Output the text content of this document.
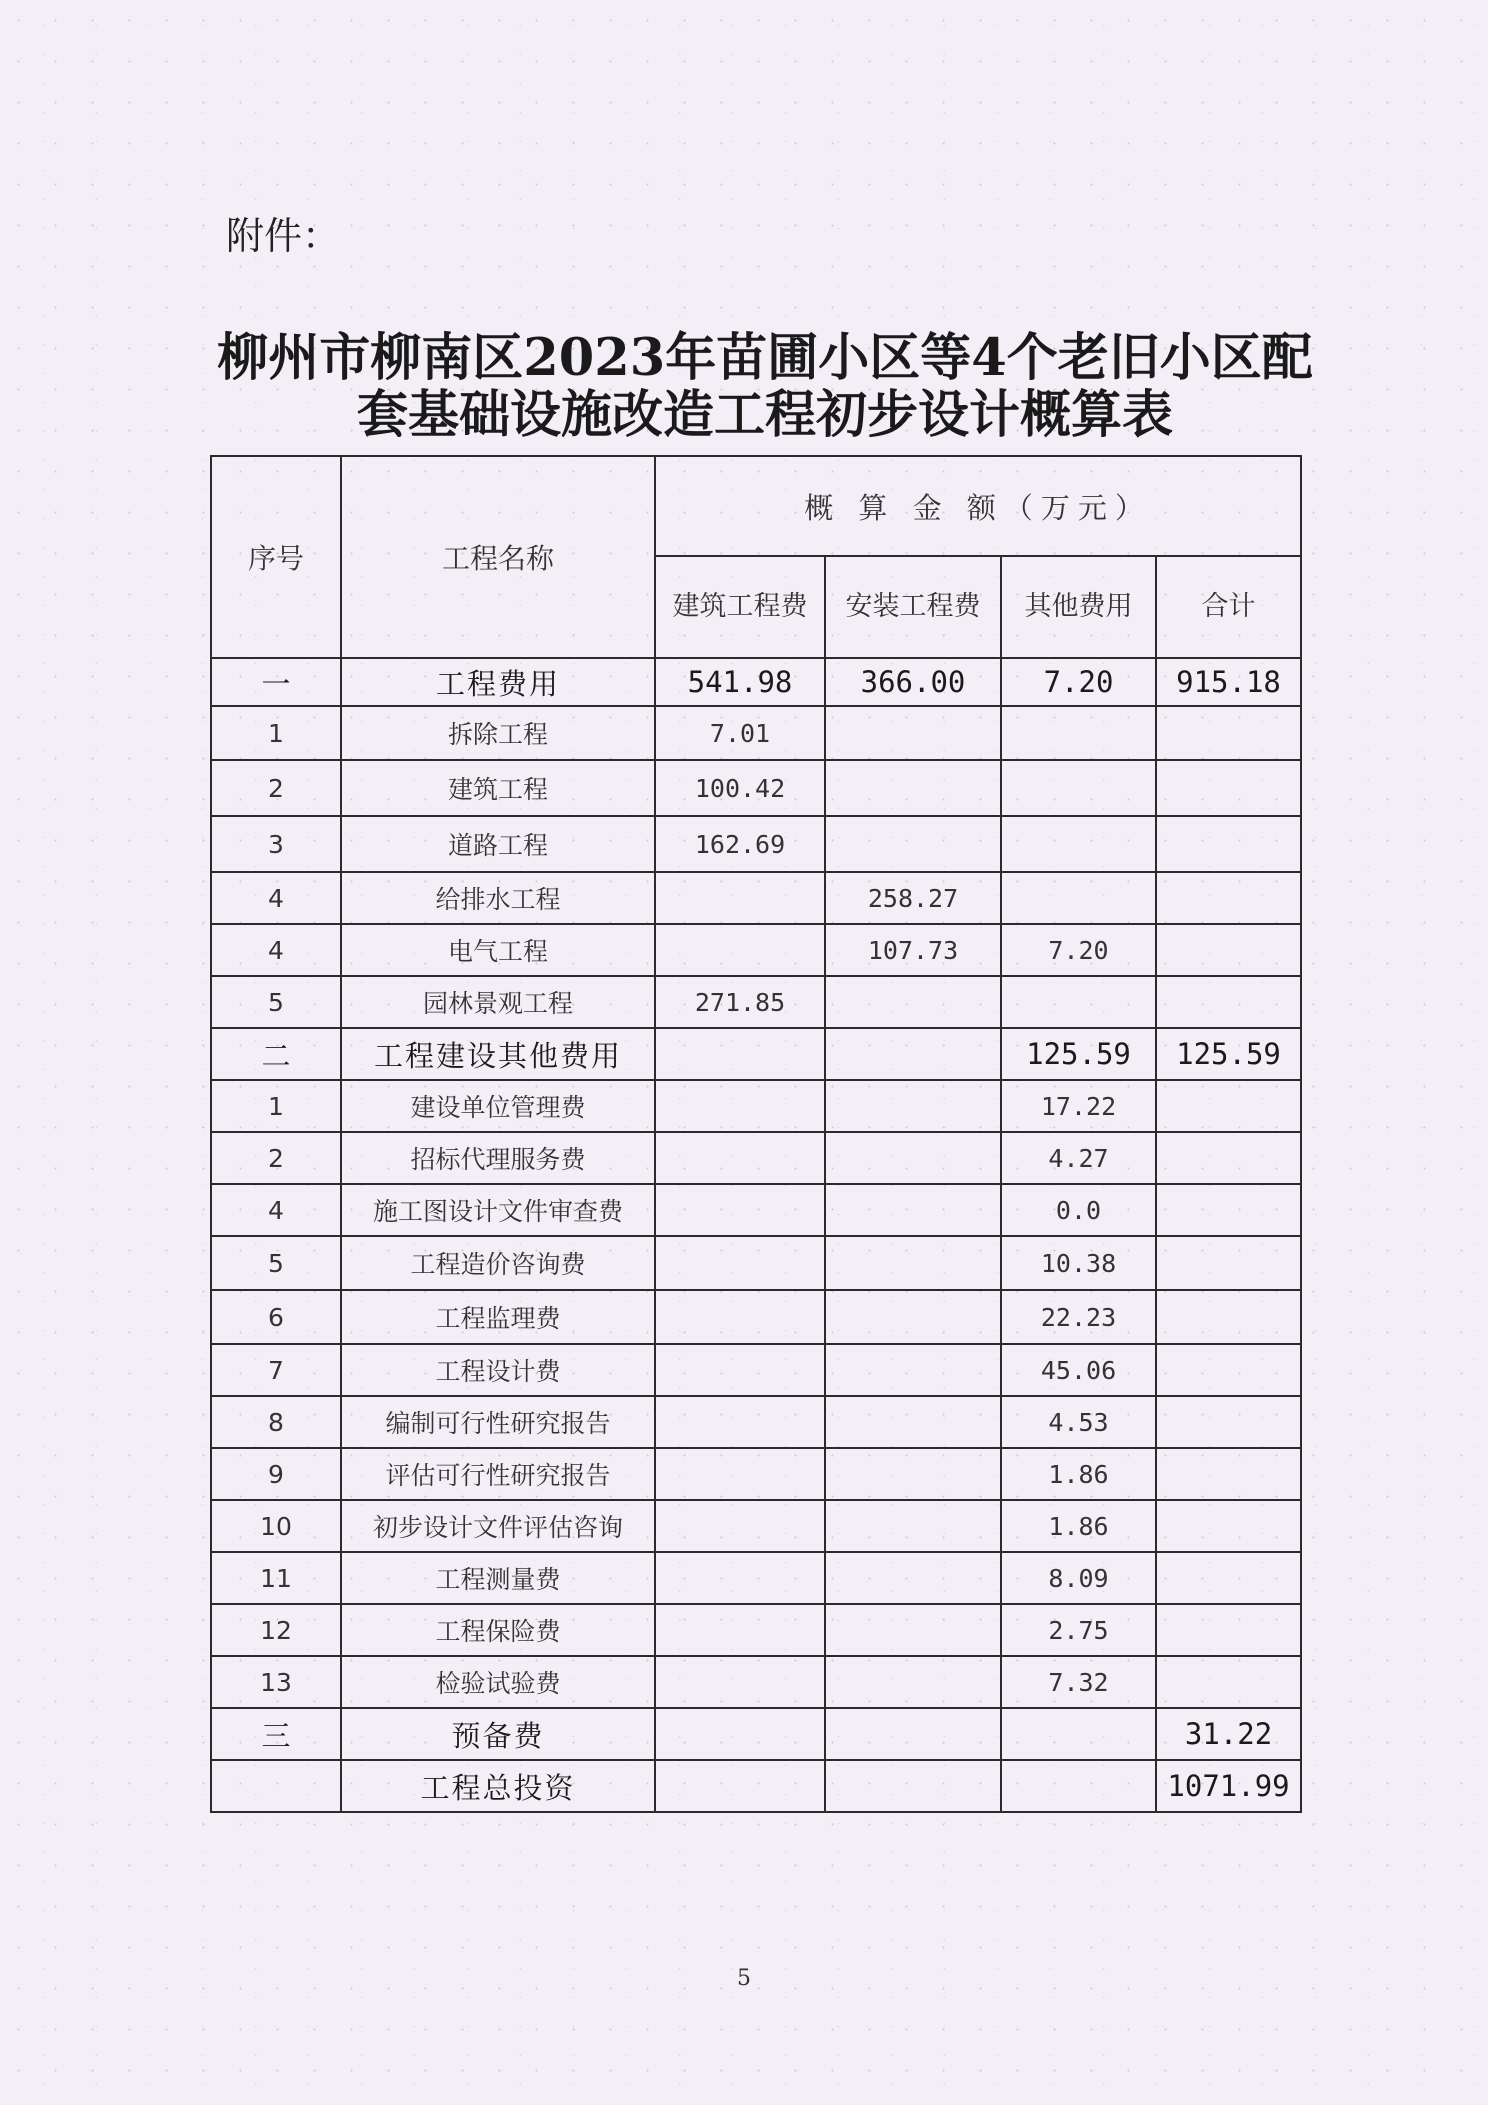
附件：
柳州市柳南区2023年苗圃小区等4个老旧小区配套基础设施改造工程初步设计概算表
序号	工程名称	概 算 金 额（万元）			
		建筑工程费	安装工程费	其他费用	合计
一	工程费用	541.98	366.00	7.20	915.18
1	拆除工程	7.01			
2	建筑工程	100.42			
3	道路工程	162.69			
4	给排水工程		258.27		
4	电气工程		107.73	7.20	
5	园林景观工程	271.85			
二	工程建设其他费用			125.59	125.59
1	建设单位管理费			17.22	
2	招标代理服务费			4.27	
4	施工图设计文件审查费			0.0	
5	工程造价咨询费			10.38	
6	工程监理费			22.23	
7	工程设计费			45.06	
8	编制可行性研究报告			4.53	
9	评估可行性研究报告			1.86	
10	初步设计文件评估咨询			1.86	
11	工程测量费			8.09	
12	工程保险费			2.75	
13	检验试验费			7.32	
三	预备费				31.22
	工程总投资				1071.99
5
